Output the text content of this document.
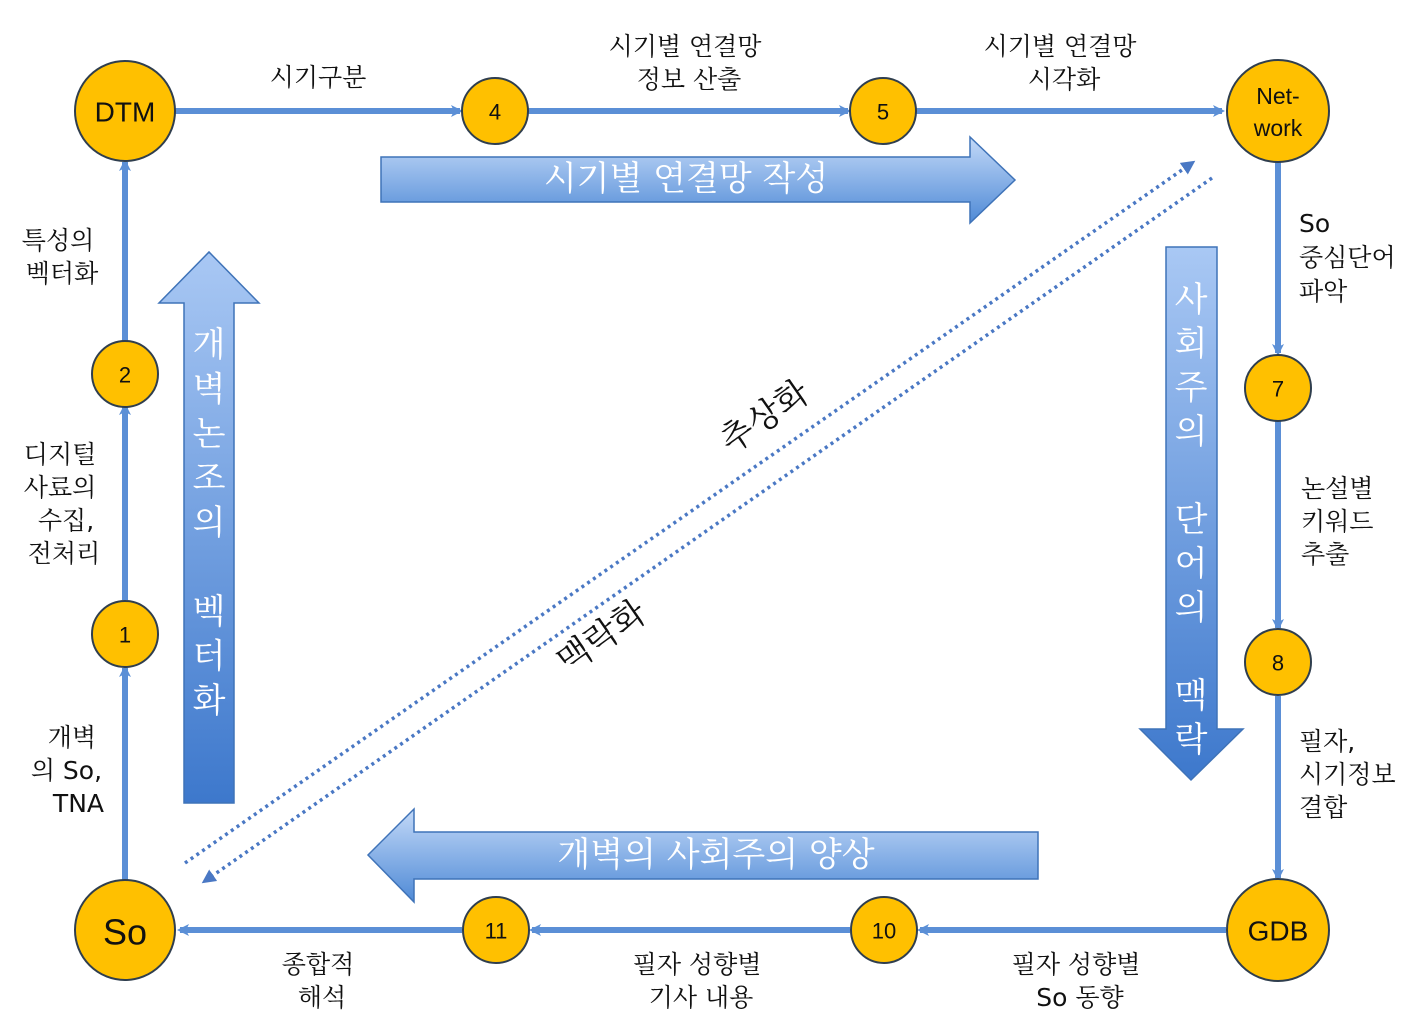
시기별 연결망 작성
개벽의 사회주의 양상
개
벽
논
조
의
벡
터
화
사
회
주
의
단
어
의
맥
락
추상화
맥락화
DTM
Net-
work
GDB
So
1
2
4	5
7
8
10
11
개벽 의 So, TNA
디지털 사료의 수집, 전처리
특성의 벡터화
시기구분
시기별 연결망 정보 산출
시기별 연결망 시각화
So 중심단어 파악
논설별 키워드 추출
필자, 시기정보 결합
필자 성향별 So 동향
필자 성향별 기사 내용
종합적 해석
